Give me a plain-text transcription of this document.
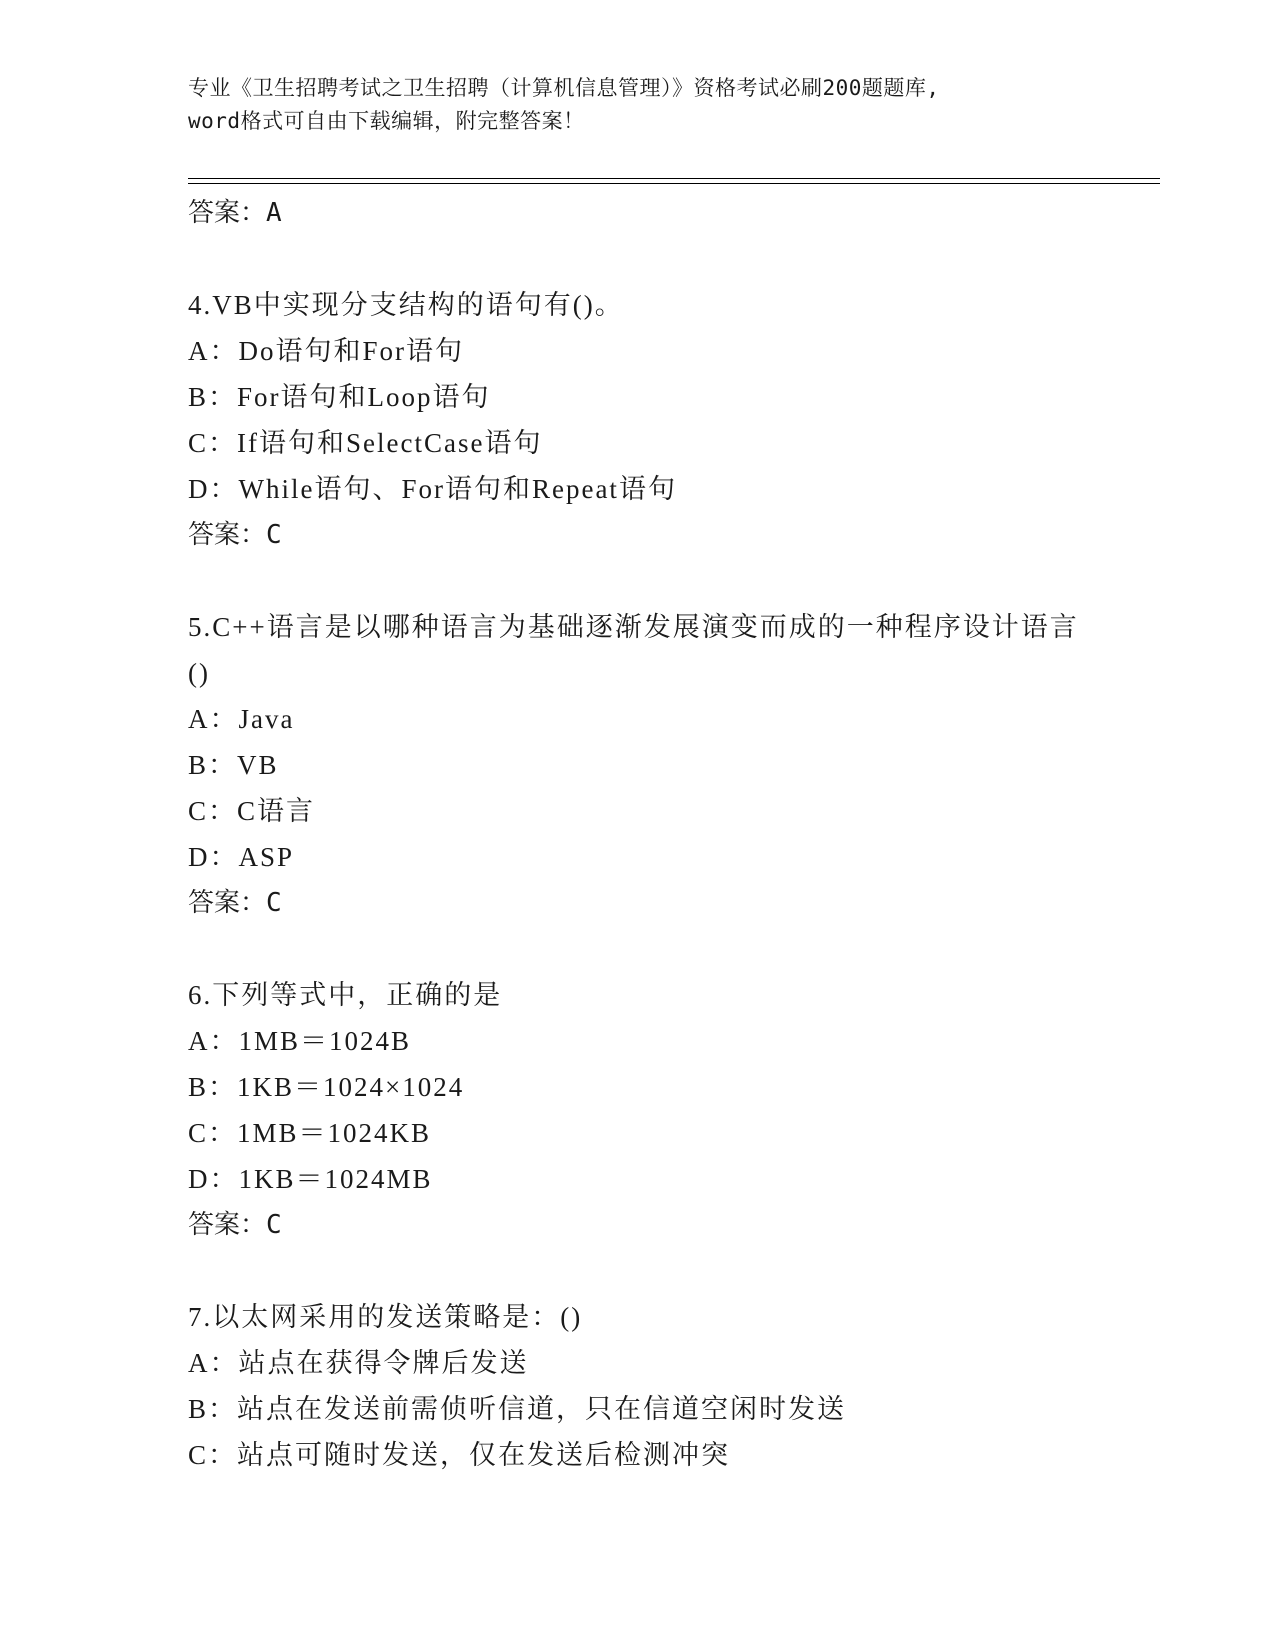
专业《卫生招聘考试之卫生招聘（计算机信息管理）》资格考试必刷200题题库,
word格式可自由下载编辑，附完整答案！
答案：A
4.VB中实现分支结构的语句有()。
A：Do语句和For语句
B：For语句和Loop语句
C：If语句和SelectCase语句
D：While语句、For语句和Repeat语句
答案：C
5.C++语言是以哪种语言为基础逐渐发展演变而成的一种程序设计语言()
A：Java
B：VB
C：C语言
D：ASP
答案：C
6.下列等式中，正确的是
A：1MB＝1024B
B：1KB＝1024×1024
C：1MB＝1024KB
D：1KB＝1024MB
答案：C
7.以太网采用的发送策略是：()
A：站点在获得令牌后发送
B：站点在发送前需侦听信道，只在信道空闲时发送
C：站点可随时发送，仅在发送后检测冲突
